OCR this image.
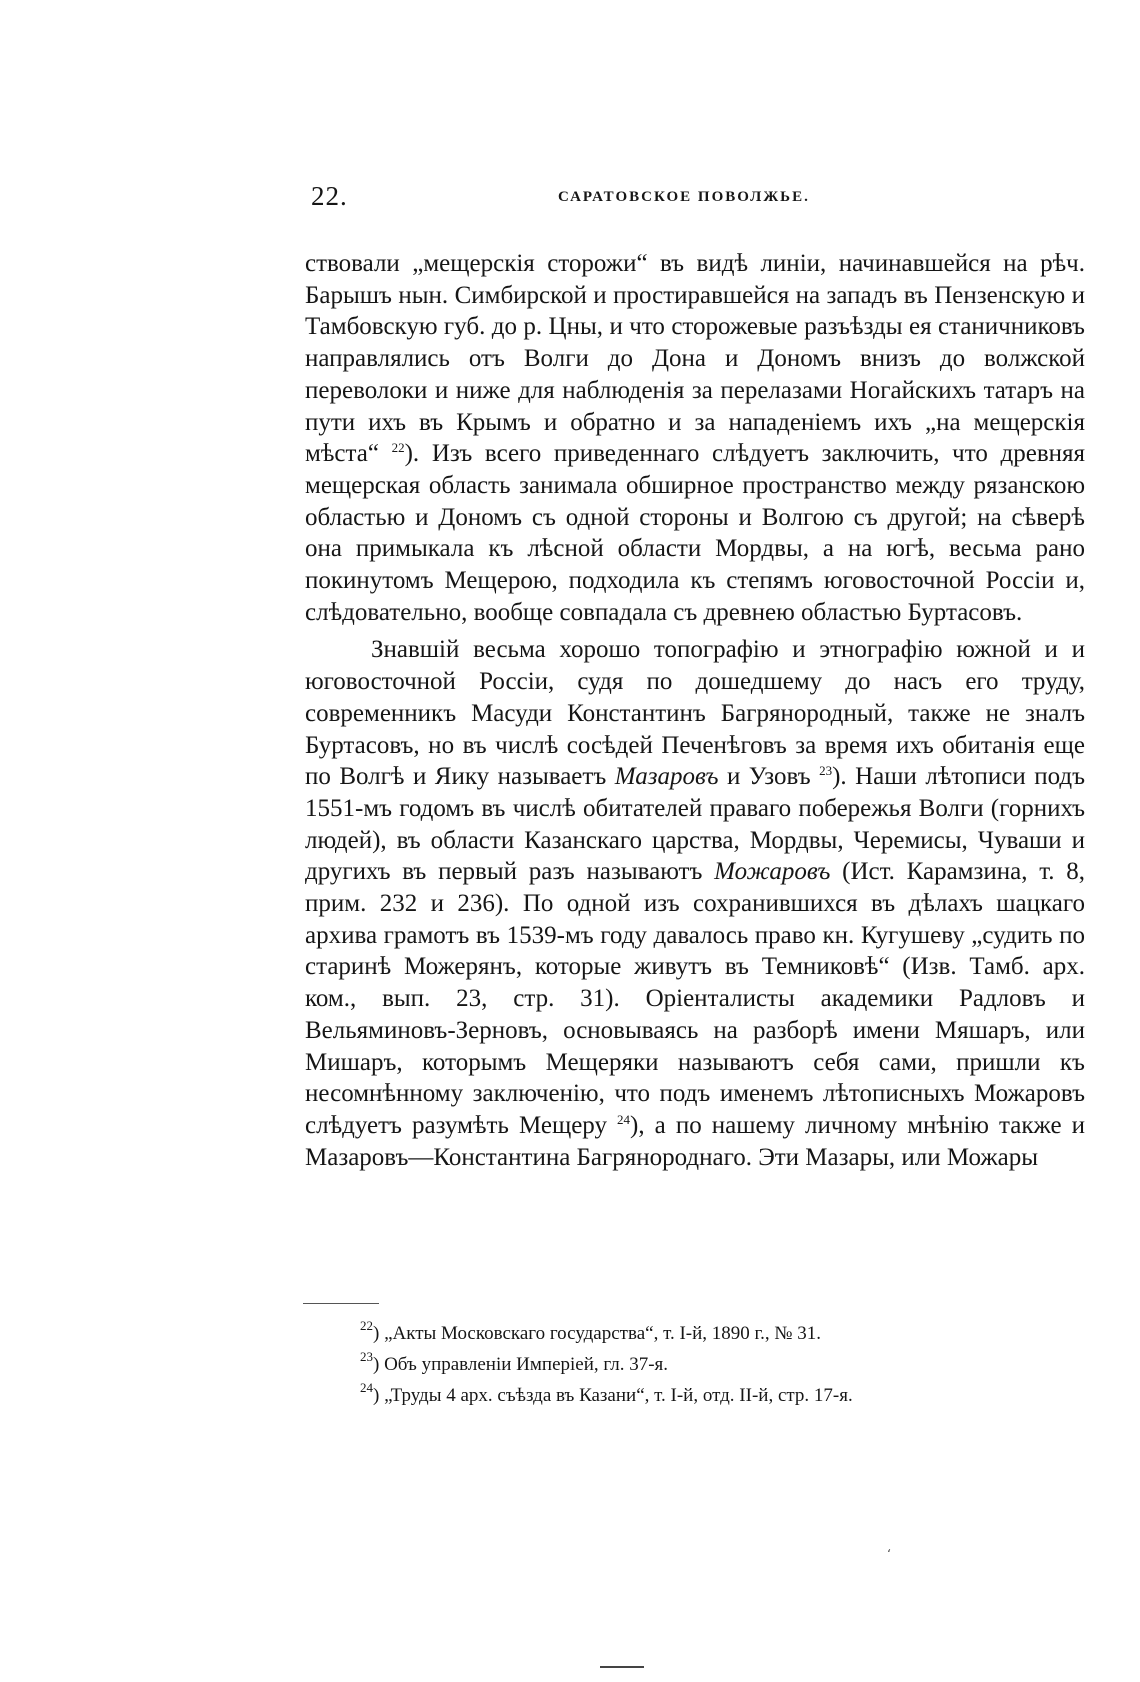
22.	САРАТОВСКОЕ ПОВОЛЖЬЕ.

ствовали „мещерскія сторожи“ въ видѣ линіи, начинавшейся на рѣч. Барышъ нын. Симбирской и простиравшейся на западъ въ Пензенскую и Тамбовскую губ. до р. Цны, и что сторожевые разъѣзды ея станичниковъ направлялись отъ Волги до Дона и Дономъ внизъ до волжской переволоки и ниже для наблюденія за перелазами Ногайскихъ татаръ на пути ихъ въ Крымъ и обратно и за нападеніемъ ихъ „на мещерскія мѣста“ $^{22}$). Изъ всего приведеннаго слѣдуетъ заключить, что древняя мещерская область занимала обширное пространство между рязанскою областью и Дономъ съ одной стороны и Волгою съ другой; на сѣверѣ она примыкала къ лѣсной области Мордвы, а на югѣ, весьма рано покинутомъ Мещерою, подходила къ степямъ юговосточной Россіи и, слѣдовательно, вообще совпадала съ древнею областью Буртасовъ.

Знавшій весьма хорошо топографію и этнографію южной и и юговосточной Россіи, судя по дошедшему до насъ его труду, современникъ Масуди Константинъ Багрянородный, также не зналъ Буртасовъ, но въ числѣ сосѣдей Печенѣговъ за время ихъ обитанія еще по Волгѣ и Яику называетъ Мазаровъ и Узовъ $^{23}$). Наши лѣтописи подъ 1551-мъ годомъ въ числѣ обитателей праваго побережья Волги (горнихъ людей), въ области Казанскаго царства, Мордвы, Черемисы, Чуваши и другихъ въ первый разъ называютъ Можаровъ (Ист. Карамзина, т. 8, прим. 232 и 236). По одной изъ сохранившихся въ дѣлахъ шацкаго архива грамотъ въ 1539-мъ году давалось право кн. Кугушеву „судить по старинѣ Можерянъ, которые живутъ въ Темниковѣ“ (Изв. Тамб. арх. ком., вып. 23, стр. 31). Оріенталисты академики Радловъ и Вельяминовъ-Зерновъ, основываясь на разборѣ имени Мяшаръ, или Мишаръ, которымъ Мещеряки называютъ себя сами, пришли къ несомнѣнному заключенію, что подъ именемъ лѣтописныхъ Можаровъ слѣдуетъ разумѣть Мещеру $^{24}$), а по нашему личному мнѣнію также и Мазаровъ—Константина Багрянороднаго. Эти Мазары, или Можары

$^{22}$) „Акты Московскаго государства“, т. І-й, 1890 г., № 31.

$^{23}$) Объ управленіи Имперіей, гл. 37-я.

$^{24}$) „Труды 4 арх. съѣзда въ Казани“, т. І-й, отд. ІІ-й, стр. 17-я.

‘
